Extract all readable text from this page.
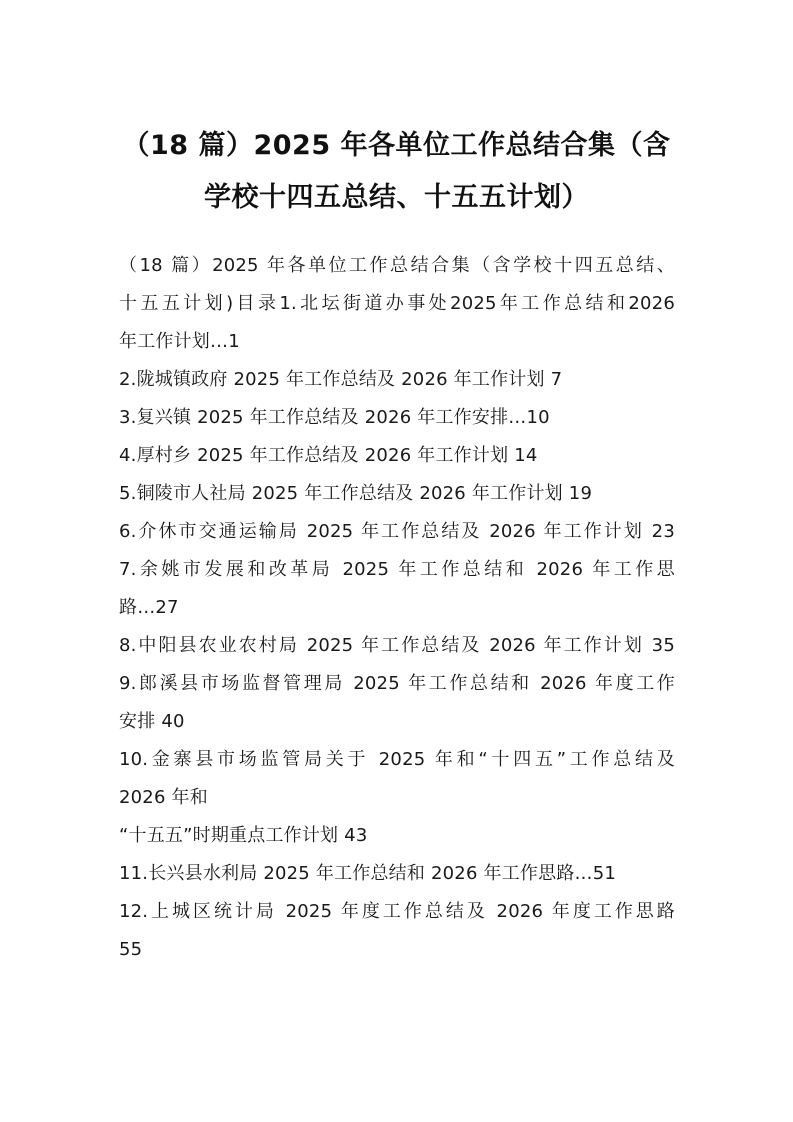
（18 篇）2025 年各单位工作总结合集（含
学校十四五总结、十五五计划）
（18 篇）2025 年各单位工作总结合集（含学校十四五总结、
十五五计划)目录1.北坛街道办事处2025年工作总结和2026
年工作计划…1
2.陇城镇政府 2025 年工作总结及 2026 年工作计划 7
3.复兴镇 2025 年工作总结及 2026 年工作安排…10
4.厚村乡 2025 年工作总结及 2026 年工作计划 14
5.铜陵市人社局 2025 年工作总结及 2026 年工作计划 19
6.介休市交通运输局 2025 年工作总结及 2026 年工作计划 23
7.余姚市发展和改革局 2025 年工作总结和 2026 年工作思
路…27
8.中阳县农业农村局 2025 年工作总结及 2026 年工作计划 35
9.郎溪县市场监督管理局 2025 年工作总结和 2026 年度工作
安排 40
10.金寨县市场监管局关于 2025 年和“十四五”工作总结及
2026 年和
“十五五”时期重点工作计划 43
11.长兴县水利局 2025 年工作总结和 2026 年工作思路…51
12.上城区统计局 2025 年度工作总结及 2026 年度工作思路
55
